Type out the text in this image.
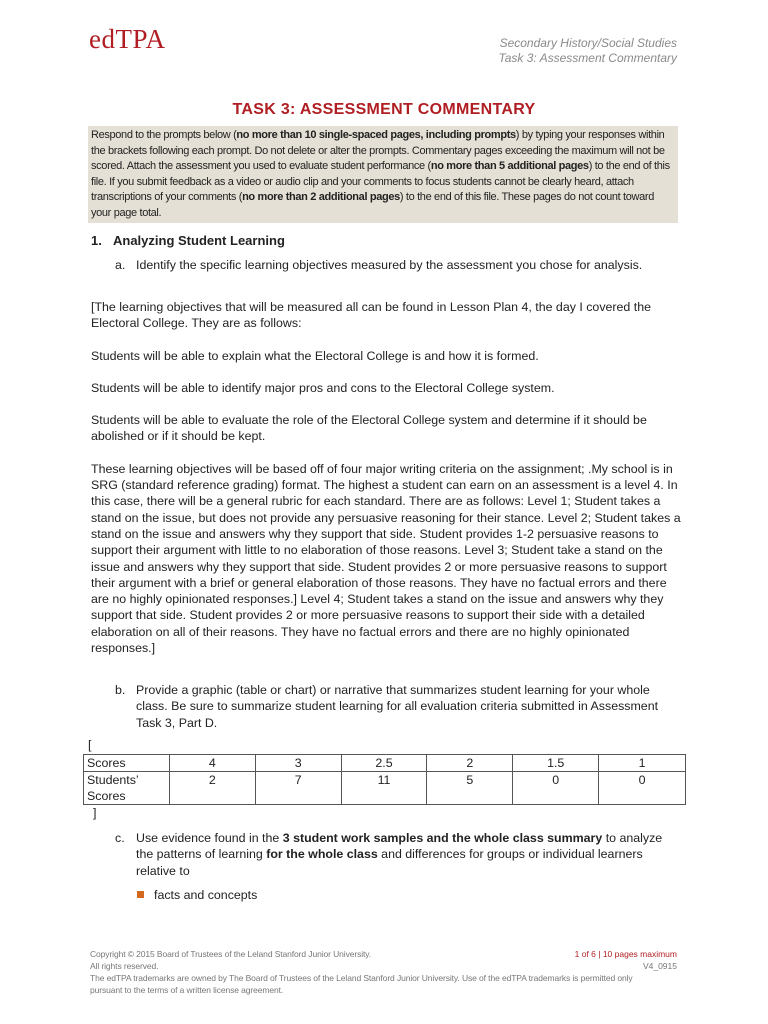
edTPA	Secondary History/Social Studies
Task 3: Assessment Commentary
TASK 3: ASSESSMENT COMMENTARY
Respond to the prompts below (no more than 10 single-spaced pages, including prompts) by typing your responses within the brackets following each prompt. Do not delete or alter the prompts. Commentary pages exceeding the maximum will not be scored. Attach the assessment you used to evaluate student performance (no more than 5 additional pages) to the end of this file. If you submit feedback as a video or audio clip and your comments to focus students cannot be clearly heard, attach transcriptions of your comments (no more than 2 additional pages) to the end of this file. These pages do not count toward your page total.
1. Analyzing Student Learning
a. Identify the specific learning objectives measured by the assessment you chose for analysis.

[The learning objectives that will be measured all can be found in Lesson Plan 4, the day I covered the Electoral College. They are as follows:

Students will be able to explain what the Electoral College is and how it is formed.

Students will be able to identify major pros and cons to the Electoral College system.

Students will be able to evaluate the role of the Electoral College system and determine if it should be abolished or if it should be kept.

These learning objectives will be based off of four major writing criteria on the assignment; .My school is in SRG (standard reference grading) format. The highest a student can earn on an assessment is a level 4. In this case, there will be a general rubric for each standard. There are as follows: Level 1; Student takes a stand on the issue, but does not provide any persuasive reasoning for their stance. Level 2; Student takes a stand on the issue and answers why they support that side. Student provides 1-2 persuasive reasons to support their argument with little to no elaboration of those reasons. Level 3; Student take a stand on the issue and answers why they support that side. Student provides 2 or more persuasive reasons to support their argument with a brief or general elaboration of those reasons. They have no factual errors and there are no highly opinionated responses.] Level 4; Student takes a stand on the issue and answers why they support that side. Student provides 2 or more persuasive reasons to support their side with a detailed elaboration on all of their reasons. They have no factual errors and there are no highly opinionated responses.]

b. Provide a graphic (table or chart) or narrative that summarizes student learning for your whole class. Be sure to summarize student learning for all evaluation criteria submitted in Assessment Task 3, Part D.
[
Scores	4	3	2.5	2	1.5	1
Students’ Scores	2	7	11	5	0	0
]
c. Use evidence found in the 3 student work samples and the whole class summary to analyze the patterns of learning for the whole class and differences for groups or individual learners relative to
facts and concepts
Copyright © 2015 Board of Trustees of the Leland Stanford Junior University.
All rights reserved.
The edTPA trademarks are owned by The Board of Trustees of the Leland Stanford Junior University. Use of the edTPA trademarks is permitted only pursuant to the terms of a written license agreement.
1 of 6 | 10 pages maximum
V4_0915
